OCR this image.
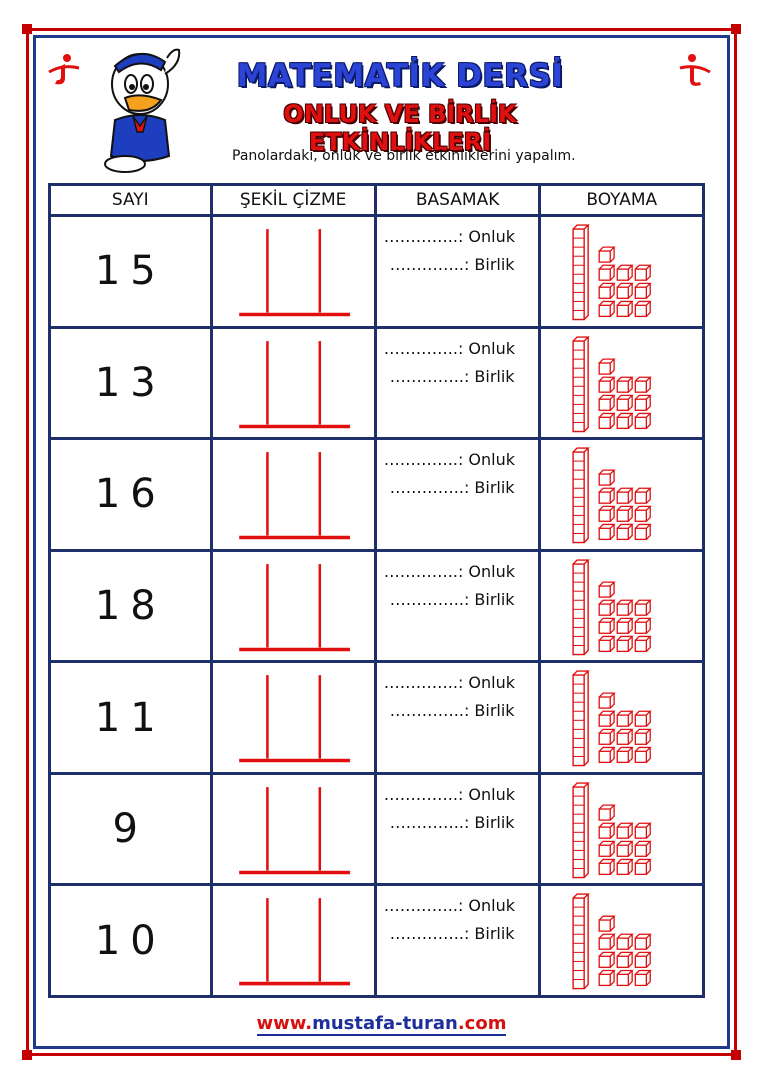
MATEMATİK DERSİ
ONLUK VE BİRLİK ETKİNLİKLERİ
Panolardaki, onluk ve birlik etkinliklerini yapalım.
SAYI	ŞEKİL ÇİZME	BASAMAK	BOYAMA
15		…………..: Onluk
…………..: Birlik

13		…………..: Onluk
…………..: Birlik

16		…………..: Onluk
…………..: Birlik

18		…………..: Onluk
…………..: Birlik

11		…………..: Onluk
…………..: Birlik

9		…………..: Onluk
…………..: Birlik

10		…………..: Onluk
…………..: Birlik

www.mustafa-turan.com
